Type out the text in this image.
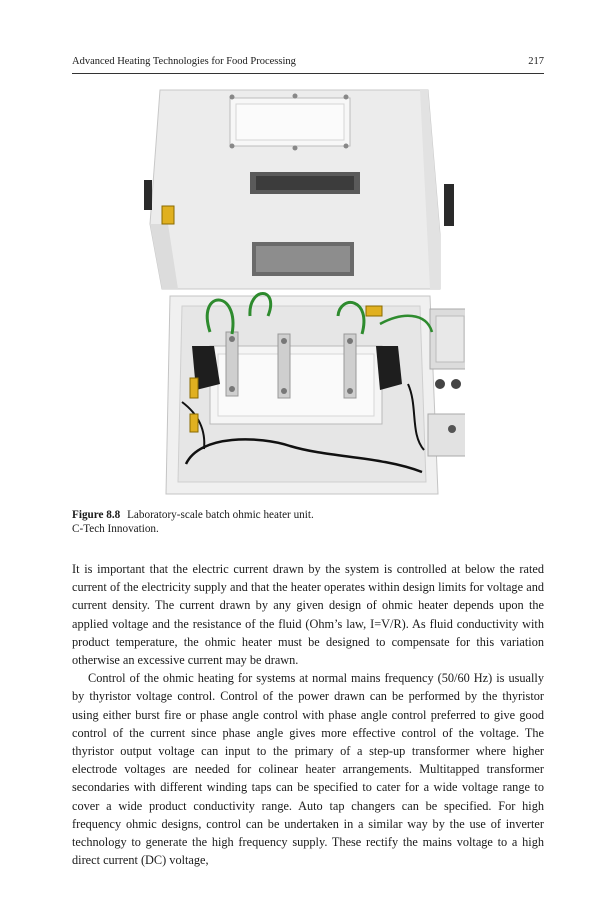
Advanced Heating Technologies for Food Processing	217
Figure 8.8 Laboratory-scale batch ohmic heater unit.
C-Tech Innovation.

It is important that the electric current drawn by the system is controlled at below the rated current of the electricity supply and that the heater operates within design limits for voltage and current density. The current drawn by any given design of ohmic heater depends upon the applied voltage and the resistance of the fluid (Ohm’s law, I=V/R). As fluid conductivity with product temperature, the ohmic heater must be designed to compensate for this variation otherwise an excessive current may be drawn.

Control of the ohmic heating for systems at normal mains frequency (50/60 Hz) is usually by thyristor voltage control. Control of the power drawn can be performed by the thyristor using either burst fire or phase angle control with phase angle control preferred to give good control of the current since phase angle gives more effective control of the voltage. The thyristor output voltage can input to the primary of a step-up transformer where higher electrode voltages are needed for colinear heater arrangements. Multitapped transformer secondaries with different winding taps can be specified to cater for a wide voltage range to cover a wide product conductivity range. Auto tap changers can be specified. For high frequency ohmic designs, control can be undertaken in a similar way by the use of inverter technology to generate the high frequency supply. These rectify the mains voltage to a high direct current (DC) voltage,
